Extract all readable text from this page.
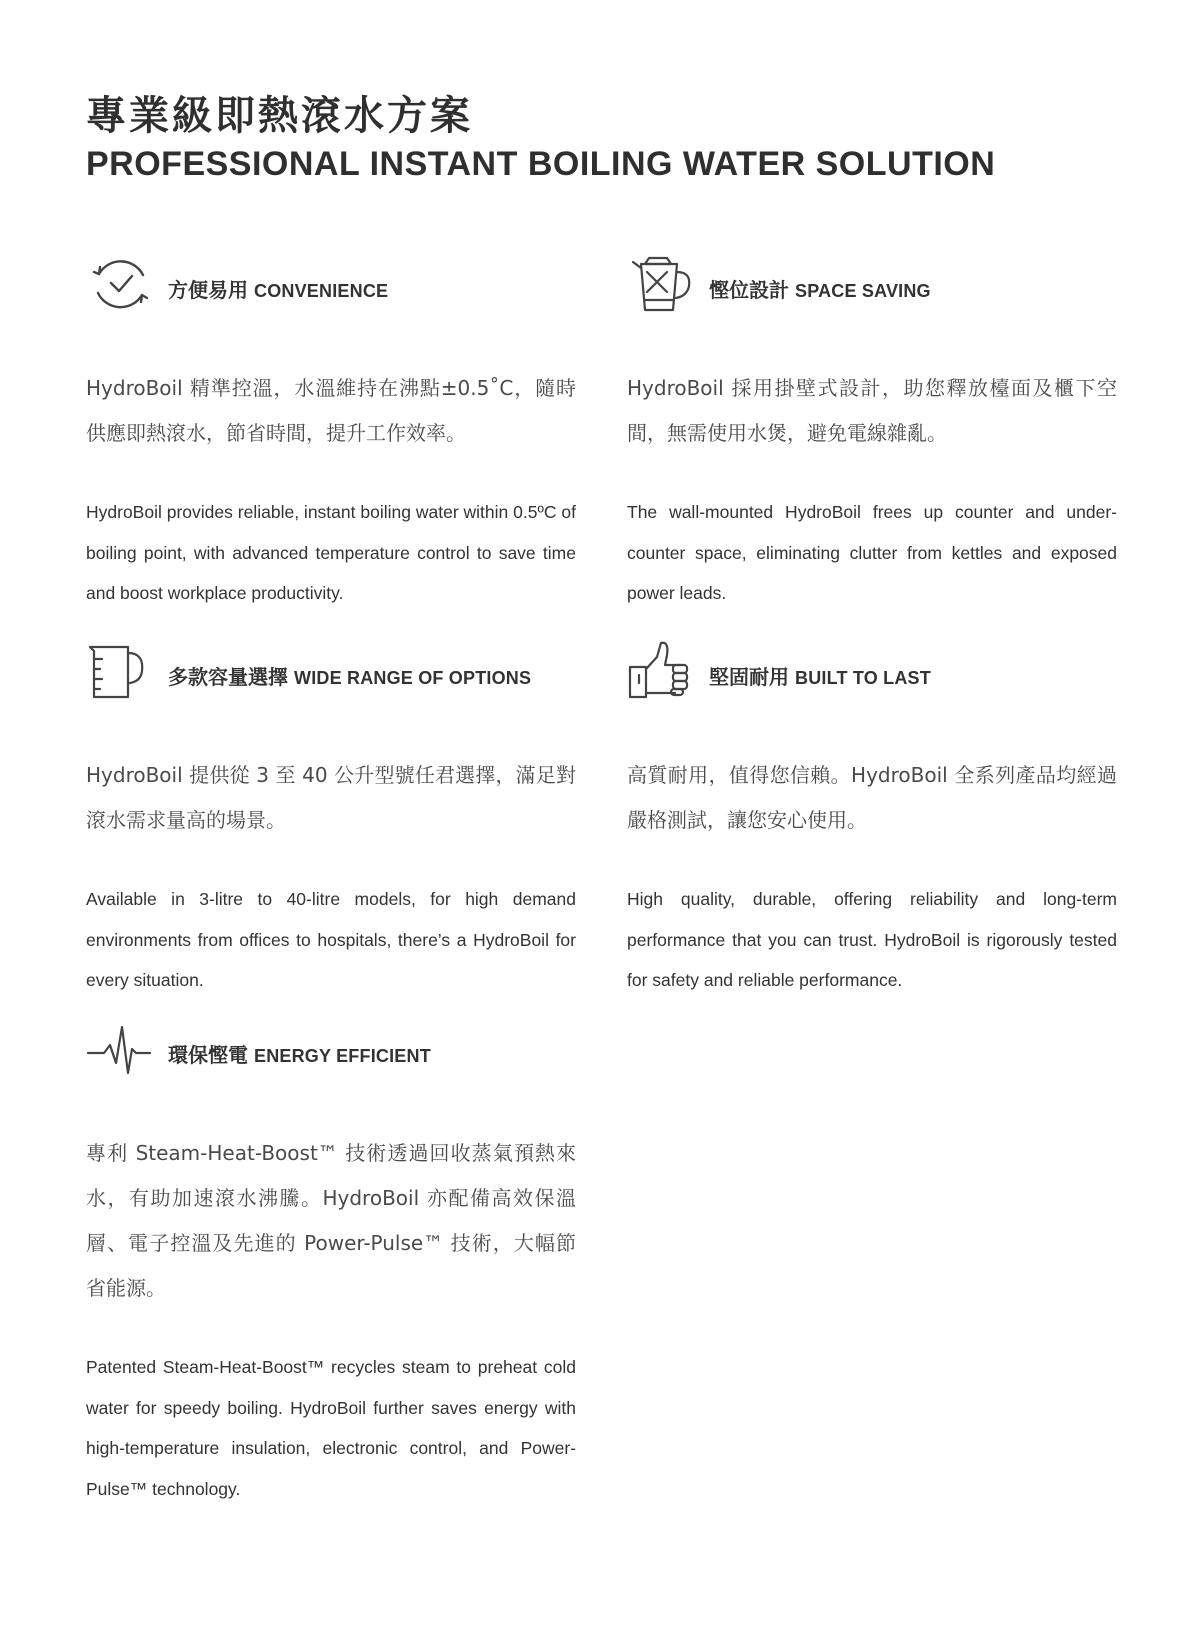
專業級即熱滾水方案
PROFESSIONAL INSTANT BOILING WATER SOLUTION
方便易用 CONVENIENCE

HydroBoil 精準控溫，水溫維持在沸點±0.5˚C，隨時供應即熱滾水，節省時間，提升工作效率。

HydroBoil provides reliable, instant boiling water within 0.5ºC of boiling point, with advanced temperature control to save time and boost workplace productivity.

慳位設計 SPACE SAVING

HydroBoil 採用掛壁式設計，助您釋放檯面及櫃下空間，無需使用水煲，避免電線雜亂。

The wall-mounted HydroBoil frees up counter and under-counter space, eliminating clutter from kettles and exposed power leads.

多款容量選擇 WIDE RANGE OF OPTIONS

HydroBoil 提供從 3 至 40 公升型號任君選擇，滿足對滾水需求量高的場景。

Available in 3-litre to 40-litre models, for high demand environments from offices to hospitals, there’s a HydroBoil for every situation.

堅固耐用 BUILT TO LAST

高質耐用，值得您信賴。HydroBoil 全系列產品均經過嚴格測試，讓您安心使用。

High quality, durable, offering reliability and long-term performance that you can trust. HydroBoil is rigorously tested for safety and reliable performance.

環保慳電 ENERGY EFFICIENT

專利 Steam-Heat-Boost™ 技術透過回收蒸氣預熱來水，有助加速滾水沸騰。HydroBoil 亦配備高效保溫層、電子控溫及先進的 Power-Pulse™ 技術，大幅節省能源。

Patented Steam-Heat-Boost™ recycles steam to preheat cold water for speedy boiling. HydroBoil further saves energy with high-temperature insulation, electronic control, and Power-Pulse™ technology.
